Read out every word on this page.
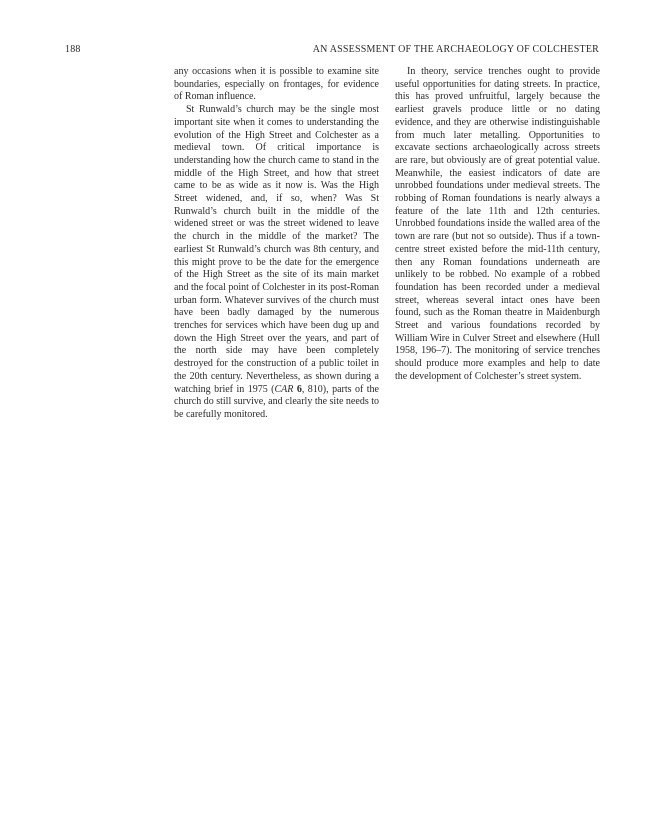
188	AN ASSESSMENT OF THE ARCHAEOLOGY OF COLCHESTER

any occasions when it is possible to examine site boundaries, especially on frontages, for evidence of Roman influence.

St Runwald’s church may be the single most important site when it comes to understanding the evolution of the High Street and Colchester as a medieval town. Of critical importance is understanding how the church came to stand in the middle of the High Street, and how that street came to be as wide as it now is. Was the High Street widened, and, if so, when? Was St Runwald’s church built in the middle of the widened street or was the street widened to leave the church in the middle of the market? The earliest St Runwald’s church was 8th century, and this might prove to be the date for the emergence of the High Street as the site of its main market and the focal point of Colchester in its post-Roman urban form. Whatever survives of the church must have been badly damaged by the numerous trenches for services which have been dug up and down the High Street over the years, and part of the north side may have been completely destroyed for the construction of a public toilet in the 20th century. Nevertheless, as shown during a watching brief in 1975 (CAR 6, 810), parts of the church do still survive, and clearly the site needs to be carefully monitored.

In theory, service trenches ought to provide useful opportunities for dating streets. In practice, this has proved unfruitful, largely because the earliest gravels produce little or no dating evidence, and they are otherwise indistinguishable from much later metalling. Opportunities to excavate sections archaeologically across streets are rare, but obviously are of great potential value. Meanwhile, the easiest indicators of date are unrobbed foundations under medieval streets. The robbing of Roman foundations is nearly always a feature of the late 11th and 12th centuries. Unrobbed foundations inside the walled area of the town are rare (but not so outside). Thus if a town-centre street existed before the mid-11th century, then any Roman foundations underneath are unlikely to be robbed. No example of a robbed foundation has been recorded under a medieval street, whereas several intact ones have been found, such as the Roman theatre in Maidenburgh Street and various foundations recorded by William Wire in Culver Street and elsewhere (Hull 1958, 196–7). The monitoring of service trenches should produce more examples and help to date the development of Colchester’s street system.
